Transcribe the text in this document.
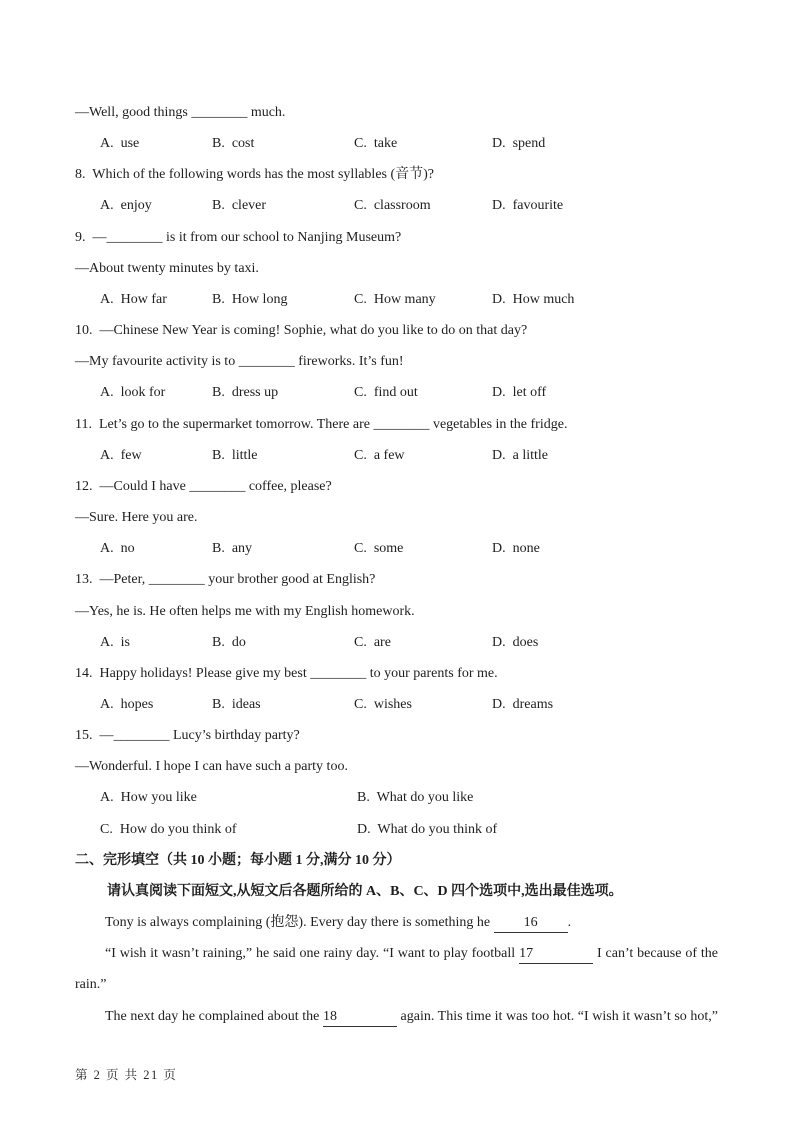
—Well, good things ________ much.
A.  use	B.  cost	C.  take	D.  spend
8.  Which of the following words has the most syllables (音节)?
A.  enjoy	B.  clever	C.  classroom	D.  favourite
9.  —________ is it from our school to Nanjing Museum?
—About twenty minutes by taxi.
A.  How far	B.  How long	C.  How many	D.  How much
10.  —Chinese New Year is coming! Sophie, what do you like to do on that day?
—My favourite activity is to ________ fireworks. It’s fun!
A.  look for	B.  dress up	C.  find out	D.  let off
11.  Let’s go to the supermarket tomorrow. There are ________ vegetables in the fridge.
A.  few	B.  little	C.  a few	D.  a little
12.  —Could I have ________ coffee, please?
—Sure. Here you are.
A.  no	B.  any	C.  some	D.  none
13.  —Peter, ________ your brother good at English?
—Yes, he is. He often helps me with my English homework.
A.  is	B.  do	C.  are	D.  does
14.  Happy holidays! Please give my best ________ to your parents for me.
A.  hopes	B.  ideas	C.  wishes	D.  dreams
15.  —________ Lucy’s birthday party?
—Wonderful. I hope I can have such a party too.
A.  How you like	B.  What do you like
C.  How do you think of	D.  What do you think of
二、完形填空（共 10 小题；每小题 1 分,满分 10 分）
请认真阅读下面短文,从短文后各题所给的 A、B、C、D 四个选项中,选出最佳选项。
Tony is always complaining (抱怨). Every day there is something he 16 .
“I wish it wasn’t raining,” he said one rainy day. “I want to play football 17	I can’t because of the
rain.”
The next day he complained about the 18	again. This time it was too hot. “I wish it wasn’t so hot,”
第 2 页 共 21 页
